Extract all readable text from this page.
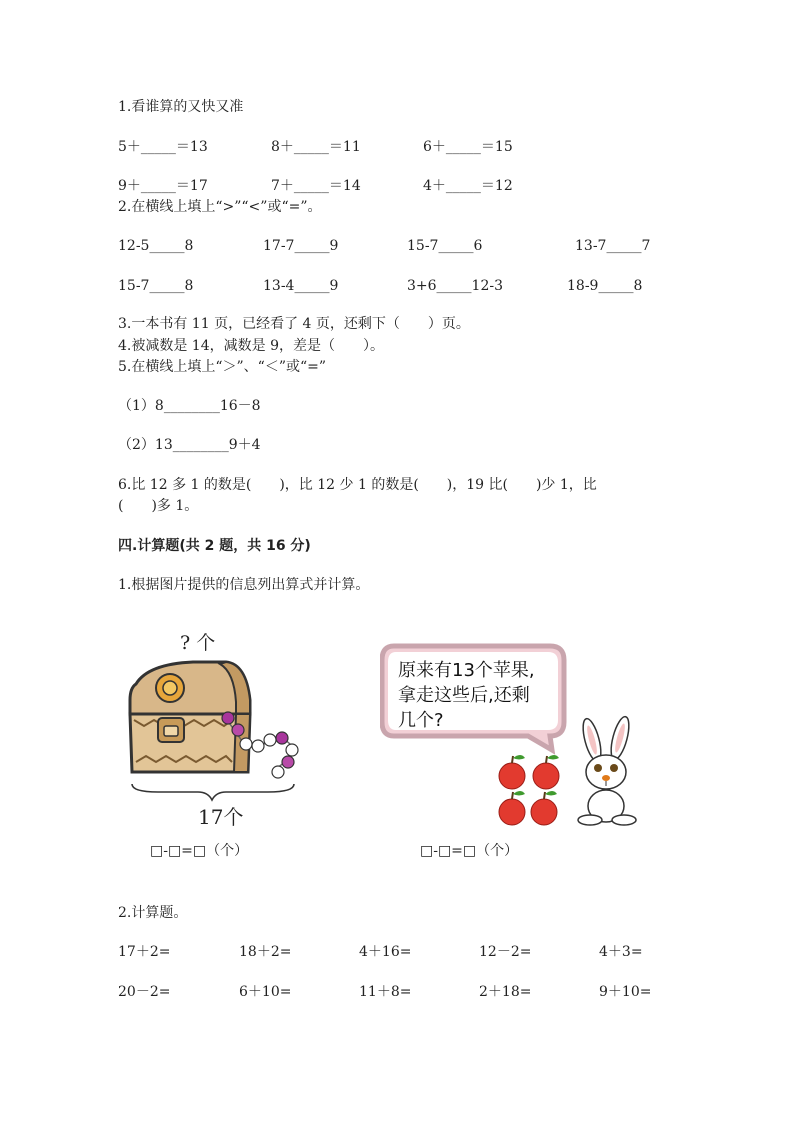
1.看谁算的又快又准
5＋_____＝13	8＋_____＝11	6＋_____＝15
9＋_____＝17	7＋_____＝14	4＋_____＝12
2.在横线上填上“>”“<”或“=”。
12-5_____8	17-7_____9	15-7_____6	13-7_____7
15-7_____8	13-4_____9	3+6_____12-3	18-9_____8
3.一本书有 11 页，已经看了 4 页，还剩下（　　）页。
4.被减数是 14，减数是 9，差是（　　）。
5.在横线上填上“＞”、“＜”或“=”
（1）8________16－8
（2）13________9＋4
6.比 12 多 1 的数是(　　)，比 12 少 1 的数是(　　)，19 比(　　)少 1，比
(　　)多 1。
四.计算题(共 2 题，共 16 分)
1.根据图片提供的信息列出算式并计算。
? 个
17个
□-□=□（个）
原来有13个苹果,
拿走这些后,还剩
几个?
□-□=□（个）
2.计算题。
17＋2=	18＋2=	4＋16=	12－2=	4＋3=
20－2=	6＋10=	11＋8=	2＋18=	9＋10=
